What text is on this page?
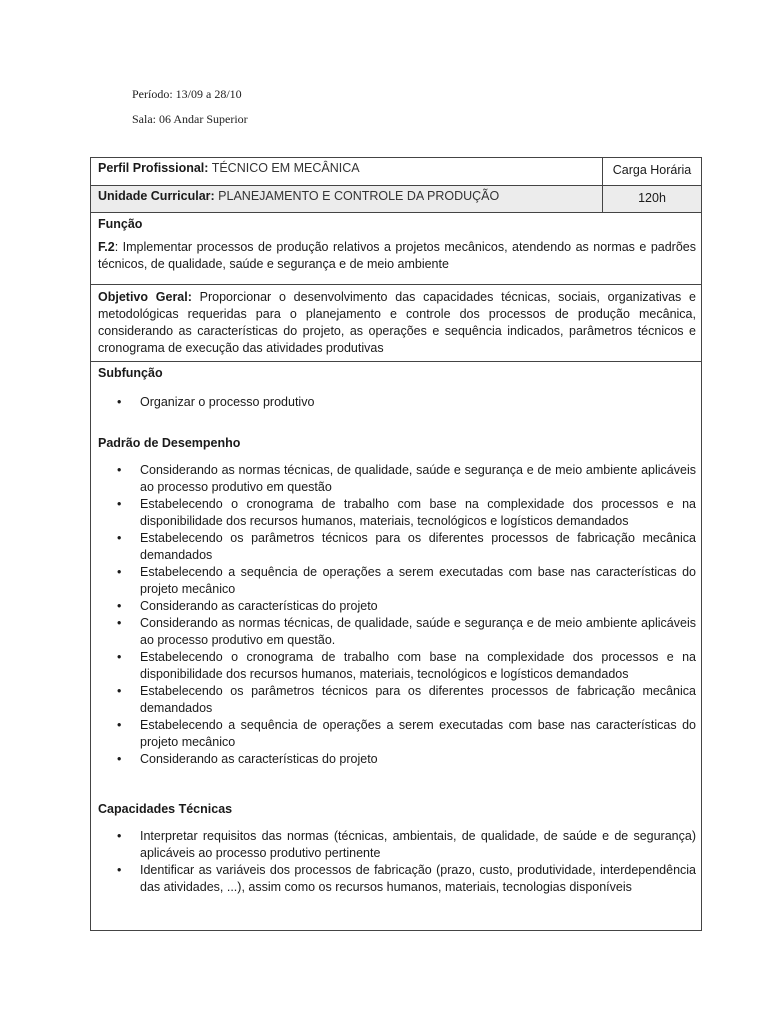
Período: 13/09 a 28/10
Sala: 06 Andar Superior
Perfil Profissional: TÉCNICO EM MECÂNICA	Carga Horária
Unidade Curricular: PLANEJAMENTO E CONTROLE DA PRODUÇÃO	120h
Função
F.2: Implementar processos de produção relativos a projetos mecânicos, atendendo as normas e padrões técnicos, de qualidade, saúde e segurança e de meio ambiente
Objetivo Geral: Proporcionar o desenvolvimento das capacidades técnicas, sociais, organizativas e metodológicas requeridas para o planejamento e controle dos processos de produção mecânica, considerando as características do projeto, as operações e sequência indicados, parâmetros técnicos e cronograma de execução das atividades produtivas
Subfunção
• Organizar o processo produtivo
Padrão de Desempenho
• Considerando as normas técnicas, de qualidade, saúde e segurança e de meio ambiente aplicáveis ao processo produtivo em questão
• Estabelecendo o cronograma de trabalho com base na complexidade dos processos e na disponibilidade dos recursos humanos, materiais, tecnológicos e logísticos demandados
• Estabelecendo os parâmetros técnicos para os diferentes processos de fabricação mecânica demandados
• Estabelecendo a sequência de operações a serem executadas com base nas características do projeto mecânico
• Considerando as características do projeto
• Considerando as normas técnicas, de qualidade, saúde e segurança e de meio ambiente aplicáveis ao processo produtivo em questão.
• Estabelecendo o cronograma de trabalho com base na complexidade dos processos e na disponibilidade dos recursos humanos, materiais, tecnológicos e logísticos demandados
• Estabelecendo os parâmetros técnicos para os diferentes processos de fabricação mecânica demandados
• Estabelecendo a sequência de operações a serem executadas com base nas características do projeto mecânico
• Considerando as características do projeto
Capacidades Técnicas
• Interpretar requisitos das normas (técnicas, ambientais, de qualidade, de saúde e de segurança) aplicáveis ao processo produtivo pertinente
• Identificar as variáveis dos processos de fabricação (prazo, custo, produtividade, interdependência das atividades, ...), assim como os recursos humanos, materiais, tecnologias disponíveis
